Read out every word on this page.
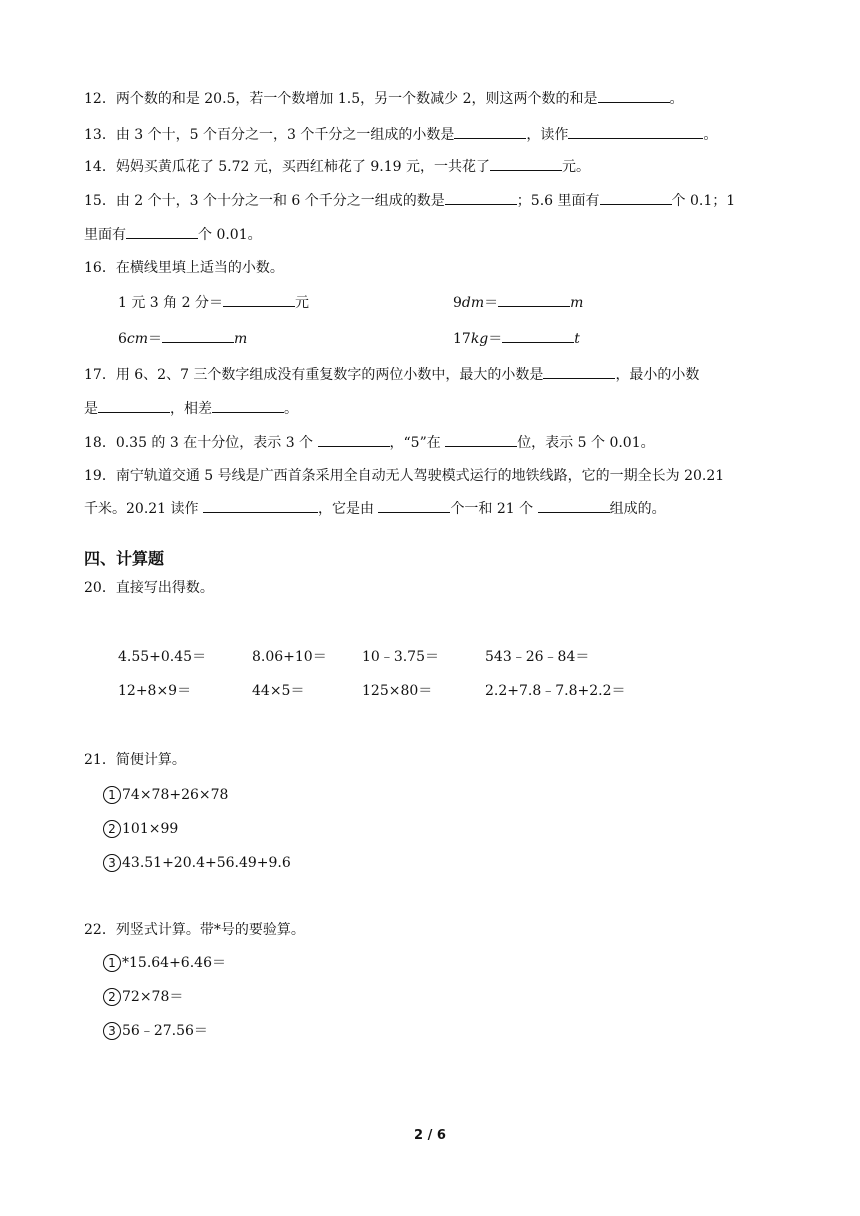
12．两个数的和是 20.5，若一个数增加 1.5，另一个数减少 2，则这两个数的和是	。
13．由 3 个十，5 个百分之一，3 个千分之一组成的小数是	，读作	。
14．妈妈买黄瓜花了 5.72 元，买西红柿花了 9.19 元，一共花了	元。
15．由 2 个十，3 个十分之一和 6 个千分之一组成的数是	；5.6 里面有	个 0.1；1
里面有	个 0.01。
16．在横线里填上适当的小数。
1 元 3 角 2 分＝	元	9dm＝	m
6cm＝	m	17kg＝	t
17．用 6、2、7 三个数字组成没有重复数字的两位小数中，最大的小数是	，最小的小数
是	，相差	。
18．0.35 的 3 在十分位，表示 3 个	，“5”在	位，表示 5 个 0.01。
19．南宁轨道交通 5 号线是广西首条采用全自动无人驾驶模式运行的地铁线路，它的一期全长为 20.21
千米。20.21 读作	，它是由	个一和 21 个	组成的。
四、计算题
20．直接写出得数。
4.55+0.45＝	8.06+10＝	10﹣3.75＝	543﹣26﹣84＝
12+8×9＝	44×5＝	125×80＝	2.2+7.8﹣7.8+2.2＝
21．简便计算。
1 74×78+26×78
2 101×99
3 43.51+20.4+56.49+9.6
22．列竖式计算。带*号的要验算。
1 *15.64+6.46＝
2 72×78＝
3 56﹣27.56＝
2 / 6
